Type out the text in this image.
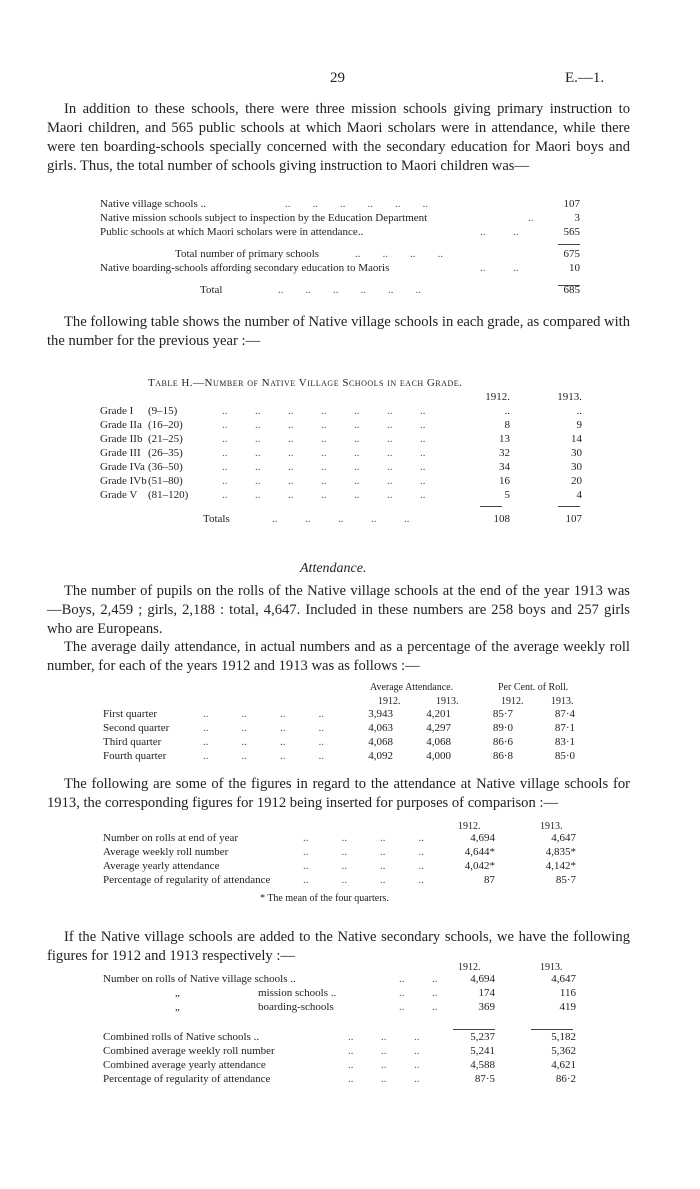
29	E.—1.

In addition to these schools, there were three mission schools giving primary instruction to Maori children, and 565 public schools at which Maori scholars were in attendance, while there were ten boarding-schools specially concerned with the secondary education for Maori boys and girls. Thus, the total number of schools giving instruction to Maori children was—

Native village schools ..	..        ..        ..        ..        ..        ..	107
Native mission schools subject to inspection by the Education Department	..	3
Public schools at which Maori scholars were in attendance..	..          ..	565
Total number of primary schools	..        ..        ..        ..	675
Native boarding-schools affording secondary education to Maoris	..          ..	10
Total	..        ..        ..        ..        ..        ..	685

The following table shows the number of Native village schools in each grade, as compared with the number for the previous year :—

Table H.—Number of Native Village Schools in each Grade.
1912.	1913.
Grade I (9–15)	..          ..          ..          ..          ..          ..          ..	..	..
Grade IIa (16–20)	..          ..          ..          ..          ..          ..          ..	8	9
Grade IIb (21–25)	..          ..          ..          ..          ..          ..          ..	13	14
Grade III (26–35)	..          ..          ..          ..          ..          ..          ..	32	30
Grade IVa (36–50)	..          ..          ..          ..          ..          ..          ..	34	30
Grade IVb (51–80)	..          ..          ..          ..          ..          ..          ..	16	20
Grade V (81–120)	..          ..          ..          ..          ..          ..          ..	5	4
Totals	..          ..          ..          ..          ..	108	107
Attendance.

The number of pupils on the rolls of the Native village schools at the end of the year 1913 was—Boys, 2,459 ; girls, 2,188 : total, 4,647. Included in these numbers are 258 boys and 257 girls who are Europeans.

The average daily attendance, in actual numbers and as a percentage of the average weekly roll number, for each of the years 1912 and 1913 was as follows :—

Average Attendance.	Per Cent. of Roll.
1912.	1913.	1912.	1913.
First quarter	..            ..            ..            ..	3,943	4,201	85·7	87·4
Second quarter	..            ..            ..            ..	4,063	4,297	89·0	87·1
Third quarter	..            ..            ..            ..	4,068	4,068	86·6	83·1
Fourth quarter	..            ..            ..            ..	4,092	4,000	86·8	85·0

The following are some of the figures in regard to the attendance at Native village schools for 1913, the corresponding figures for 1912 being inserted for purposes of comparison :—

1912.	1913.
Number on rolls at end of year	..            ..            ..            ..	4,694	4,647
Average weekly roll number	..            ..            ..            ..	4,644*	4,835*
Average yearly attendance	..            ..            ..            ..	4,042*	4,142*
Percentage of regularity of attendance	..            ..            ..            ..	87	85·7
* The mean of the four quarters.

If the Native village schools are added to the Native secondary schools, we have the following figures for 1912 and 1913 respectively :—

1912.	1913.
Number on rolls of Native village schools ..	..          ..	4,694	4,647
„	mission schools ..	..          ..	174	116
„	boarding-schools	..          ..	369	419
Combined rolls of Native schools ..	..          ..          ..	5,237	5,182
Combined average weekly roll number	..          ..          ..	5,241	5,362
Combined average yearly attendance	..          ..          ..	4,588	4,621
Percentage of regularity of attendance	..          ..          ..	87·5	86·2
